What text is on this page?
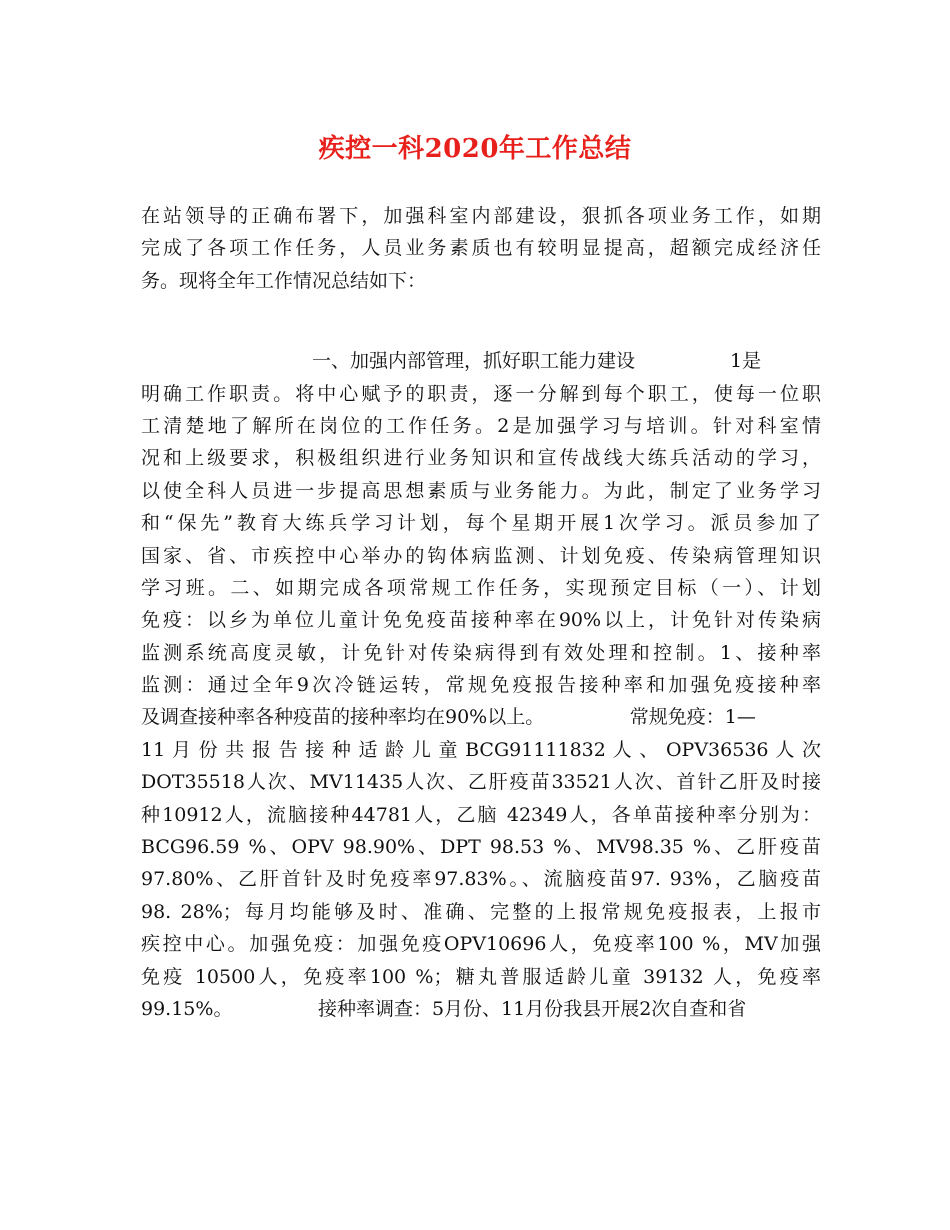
疾控一科2020年工作总结
在站领导的正确布署下，加强科室内部建设，狠抓各项业务工作，如期
完成了各项工作任务，人员业务素质也有较明显提高，超额完成经济任
务。现将全年工作情况总结如下：
　　　　　　　　　一、加强内部管理，抓好职工能力建设　　　　　1是
明确工作职责。将中心赋予的职责，逐一分解到每个职工，使每一位职
工清楚地了解所在岗位的工作任务。2是加强学习与培训。针对科室情
况和上级要求，积极组织进行业务知识和宣传战线大练兵活动的学习，
以使全科人员进一步提高思想素质与业务能力。为此，制定了业务学习
和“保先”教育大练兵学习计划，每个星期开展1次学习。派员参加了
国家、省、市疾控中心举办的钩体病监测、计划免疫、传染病管理知识
学习班。二、如期完成各项常规工作任务，实现预定目标（一）、计划
免疫：以乡为单位儿童计免免疫苗接种率在90%以上，计免针对传染病
监测系统高度灵敏，计免针对传染病得到有效处理和控制。1、接种率
监测：通过全年9次冷链运转，常规免疫报告接种率和加强免疫接种率
及调查接种率各种疫苗的接种率均在90%以上。　　　　　常规免疫：1—
11 月 份 共 报 告 接 种 适 龄 儿 童 BCG91111832 人 、 OPV36536 人 次
DOT35518人次、MV11435人次、乙肝疫苗33521人次、首针乙肝及时接
种10912人，流脑接种44781人，乙脑 42349人，各单苗接种率分别为：
BCG96.59 %、OPV 98.90%、DPT 98.53 %、MV98.35 %、乙肝疫苗
97.80%、乙肝首针及时免疫率97.83%。、流脑疫苗97. 93%，乙脑疫苗
98. 28%；每月均能够及时、准确、完整的上报常规免疫报表，上报市
疾控中心。加强免疫：加强免疫OPV10696人，免疫率100 %，MV加强
免疫 10500人，免疫率100 %；糖丸普服适龄儿童 39132 人，免疫率
99.15%。　　　　　接种率调查：5月份、11月份我县开展2次自查和省
